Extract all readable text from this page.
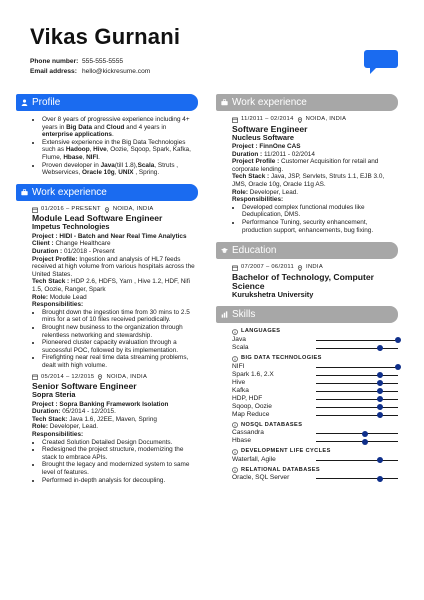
Vikas Gurnani
Phone number: 555-555-5555
Email address: hello@kickresume.com
Profile
• Over 8 years of progressive experience including 4+ years in Big Data and Cloud and 4 years in enterprise applications.
• Extensive experience in the Big Data Technologies such as Hadoop, Hive, Oozie, Sqoop, Spark, Kafka, Flume, Hbase, NIFI.
• Proven developer in Java(till 1.8),Scala, Struts , Webservices, Oracle 10g, UNIX , Spring.
Work experience
01/2016 – PRESENT NOIDA, INDIA
Module Lead Software Engineer
Impetus Technologies
Project : HIDI - Batch and Near Real Time Analytics
Client : Change Healthcare
Duration : 01/2018 - Present
Project Profile: Ingestion and analysis of HL7 feeds received at high volume from various hospitals across the United States.
Tech Stack : HDP 2.6, HDFS, Yarn , Hive 1.2, HDF, Nifi 1.5, Oozie, Ranger, Spark
Role: Module Lead
Responsibilities:
• Brought down the ingestion time from 30 mins to 2.5 mins for a set of 10 files received periodically.
• Brought new business to the organization through relentless networking and stewardship.
• Pioneered cluster capacity evaluation through a successful POC, followed by its implementation.
• Firefighting near real time data streaming problems, dealt with high volume.
05/2014 – 12/2015 NOIDA, INDIA
Senior Software Engineer
Sopra Steria
Project : Sopra Banking Framework Isolation
Duration: 05/2014 - 12/2015.
Tech Stack: Java 1.6, J2EE, Maven, Spring
Role: Developer, Lead.
Responsibilities:
• Created Solution Detailed Design Documents.
• Redesigned the project structure, modernizing the stack to embrace APIs.
• Brought the legacy and modernized system to same level of features.
• Performed in-depth analysis for decoupling.
Work experience
11/2011 – 02/2014 NOIDA, INDIA
Software Engineer
Nucleus Software
Project : FinnOne CAS
Duration : 11/2011 - 02/2014
Project Profile : Customer Acquisition for retail and corporate lending.
Tech Stack : Java, JSP, Servlets, Struts 1.1, EJB 3.0, JMS, Oracle 10g, Oracle 11g AS.
Role: Developer, Lead.
Responsibilities:
• Developed complex functional modules like Deduplication, DMS.
• Performance Tuning, security enhancement, production support, enhancements, bug fixing.
Education
07/2007 – 06/2011 INDIA
Bachelor of Technology, Computer Science
Kurukshetra University
Skills
LANGUAGES
Java
Scala
BIG DATA TECHNOLOGIES
NIFI
Spark 1.6, 2.X
Hive
Kafka
HDP, HDF
Sqoop, Oozie
Map Reduce
NOSQL DATABASES
Cassandra
Hbase
DEVELOPMENT LIFE CYCLES
Waterfall, Agile
RELATIONAL DATABASES
Oracle, SQL Server
